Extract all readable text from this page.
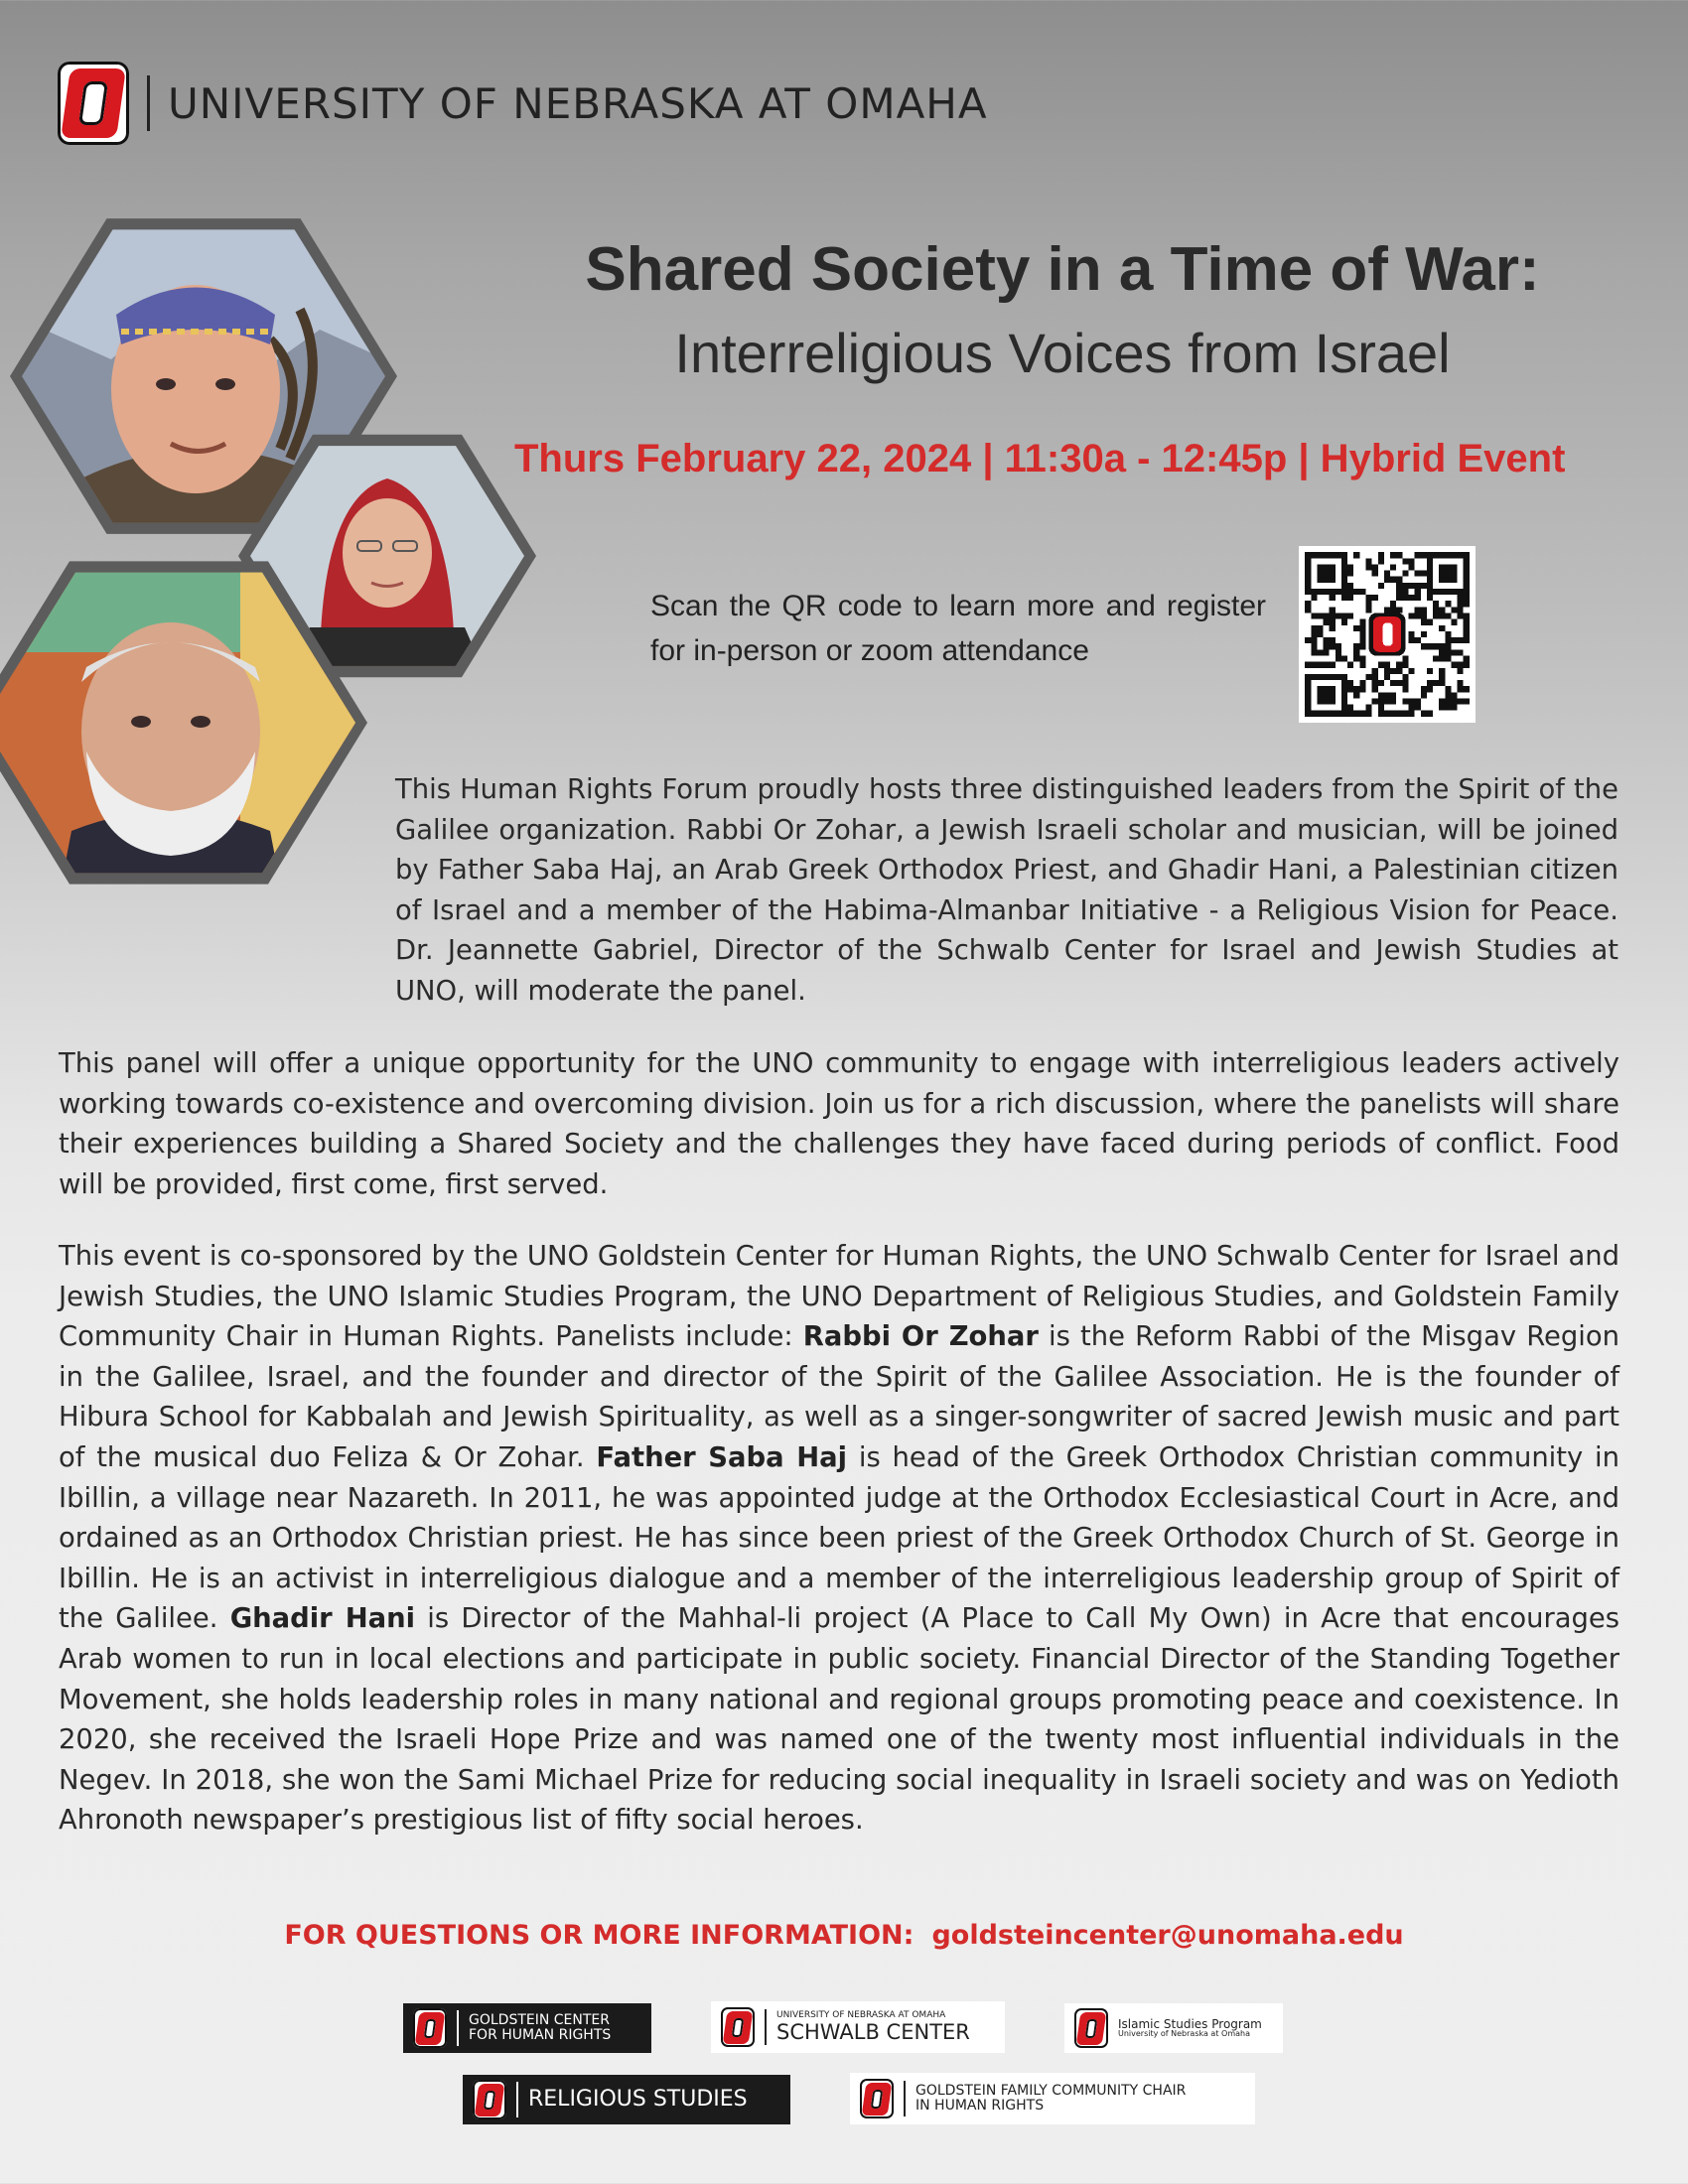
UNIVERSITY OF NEBRASKA AT OMAHA
Shared Society in a Time of War:
Interreligious Voices from Israel
Thurs February 22, 2024 | 11:30a - 12:45p | Hybrid Event
Scan the QR code to learn more and register for in-person or zoom attendance
This Human Rights Forum proudly hosts three distinguished leaders from the Spirit of the Galilee organization. Rabbi Or Zohar, a Jewish Israeli scholar and musician, will be joined by Father Saba Haj, an Arab Greek Orthodox Priest, and Ghadir Hani, a Palestinian citizen of Israel and a member of the Habima-Almanbar Initiative - a Religious Vision for Peace. Dr. Jeannette Gabriel, Director of the Schwalb Center for Israel and Jewish Studies at UNO, will moderate the panel.
This panel will offer a unique opportunity for the UNO community to engage with interreligious leaders actively working towards co-existence and overcoming division. Join us for a rich discussion, where the panelists will share their experiences building a Shared Society and the challenges they have faced during periods of conflict. Food will be provided, first come, first served.
This event is co-sponsored by the UNO Goldstein Center for Human Rights, the UNO Schwalb Center for Israel and Jewish Studies, the UNO Islamic Studies Program, the UNO Department of Religious Studies, and Goldstein Family Community Chair in Human Rights. Panelists include: Rabbi Or Zohar is the Reform Rabbi of the Misgav Region in the Galilee, Israel, and the founder and director of the Spirit of the Galilee Association. He is the founder of Hibura School for Kabbalah and Jewish Spirituality, as well as a singer-songwriter of sacred Jewish music and part of the musical duo Feliza & Or Zohar. Father Saba Haj is head of the Greek Orthodox Christian community in Ibillin, a village near Nazareth. In 2011, he was appointed judge at the Orthodox Ecclesiastical Court in Acre, and ordained as an Orthodox Christian priest. He has since been priest of the Greek Orthodox Church of St. George in Ibillin. He is an activist in interreligious dialogue and a member of the interreligious leadership group of Spirit of the Galilee. Ghadir Hani is Director of the Mahhal-li project (A Place to Call My Own) in Acre that encourages Arab women to run in local elections and participate in public society. Financial Director of the Standing Together Movement, she holds leadership roles in many national and regional groups promoting peace and coexistence. In 2020, she received the Israeli Hope Prize and was named one of the twenty most influential individuals in the Negev. In 2018, she won the Sami Michael Prize for reducing social inequality in Israeli society and was on Yedioth Ahronoth newspaper’s prestigious list of fifty social heroes.
FOR QUESTIONS OR MORE INFORMATION: goldsteincenter@unomaha.edu
GOLDSTEIN CENTER
FOR HUMAN RIGHTS
UNIVERSITY OF NEBRASKA AT OMAHA
SCHWALB CENTER	Islamic Studies Program
University of Nebraska at Omaha
RELIGIOUS STUDIES	GOLDSTEIN FAMILY COMMUNITY CHAIR
IN HUMAN RIGHTS
